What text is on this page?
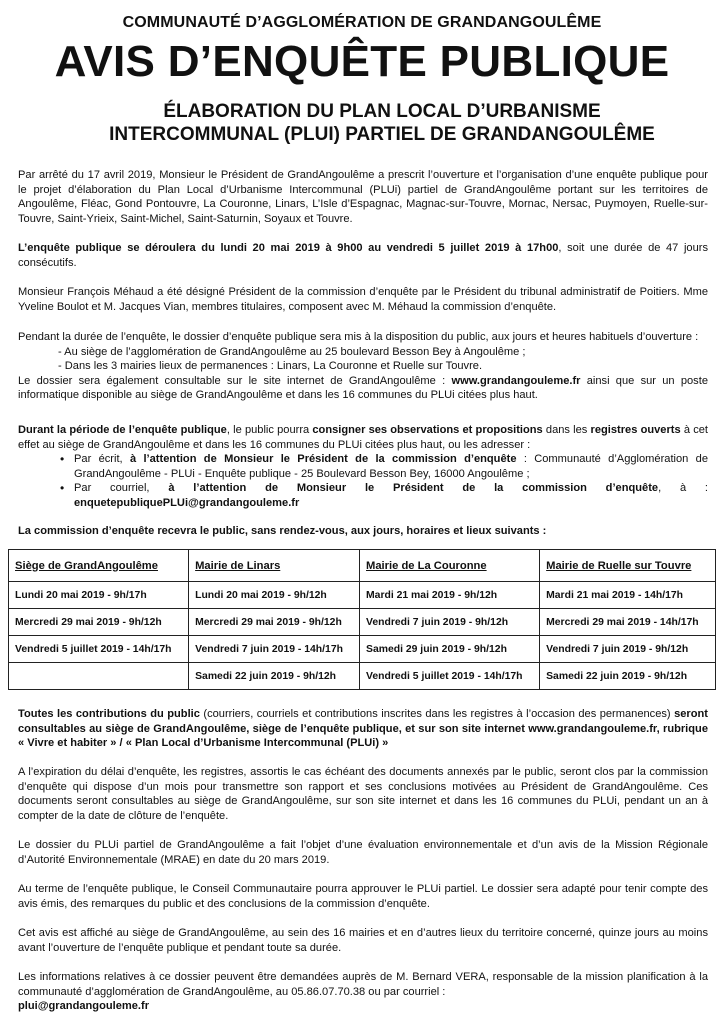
COMMUNAUTÉ D’AGGLOMÉRATION DE GRANDANGOULÊME
AVIS D’ENQUÊTE PUBLIQUE
ÉLABORATION DU PLAN LOCAL D’URBANISME
INTERCOMMUNAL (PLUI) PARTIEL DE GRANDANGOULÊME

Par arrêté du 17 avril 2019, Monsieur le Président de GrandAngoulême a prescrit l’ouverture et l’organisation d’une enquête publique pour le projet d’élaboration du Plan Local d’Urbanisme Intercommunal (PLUi) partiel de GrandAngoulême portant sur les territoires de Angoulême, Fléac, Gond Pontouvre, La Couronne, Linars, L’Isle d’Espagnac, Magnac-sur-Touvre, Mornac, Nersac, Puymoyen, Ruelle-sur-Touvre, Saint-Yrieix, Saint-Michel, Saint-Saturnin, Soyaux et Touvre.

L’enquête publique se déroulera du lundi 20 mai 2019 à 9h00 au vendredi 5 juillet 2019 à 17h00, soit une durée de 47 jours consécutifs.

Monsieur François Méhaud a été désigné Président de la commission d’enquête par le Président du tribunal administratif de Poitiers. Mme Yveline Boulot et M. Jacques Vian, membres titulaires, composent avec M. Méhaud la commission d’enquête.

Pendant la durée de l’enquête, le dossier d’enquête publique sera mis à la disposition du public, aux jours et heures habituels d’ouverture :

- Au siège de l’agglomération de GrandAngoulême au 25 boulevard Besson Bey à Angoulême ;

- Dans les 3 mairies lieux de permanences : Linars, La Couronne et Ruelle sur Touvre.

Le dossier sera également consultable sur le site internet de GrandAngoulême : www.grandangouleme.fr ainsi que sur un poste informatique disponible au siège de GrandAngoulême et dans les 16 communes du PLUi citées plus haut.

Durant la période de l’enquête publique, le public pourra consigner ses observations et propositions dans les registres ouverts à cet effet au siège de GrandAngoulême et dans les 16 communes du PLUi citées plus haut, ou les adresser :

• Par écrit, à l’attention de Monsieur le Président de la commission d’enquête : Communauté d’Agglomération de GrandAngoulême - PLUi - Enquête publique - 25 Boulevard Besson Bey, 16000 Angoulême ;
• Par courriel, à l’attention de Monsieur le Président de la commission d’enquête, à : enquetepubliquePLUi@grandangouleme.fr

La commission d’enquête recevra le public, sans rendez-vous, aux jours, horaires et lieux suivants :

Siège de GrandAngoulême	Mairie de Linars	Mairie de La Couronne	Mairie de Ruelle sur Touvre
Lundi 20 mai 2019 - 9h/17h	Lundi 20 mai 2019 - 9h/12h	Mardi 21 mai 2019 - 9h/12h	Mardi 21 mai 2019 - 14h/17h
Mercredi 29 mai 2019 - 9h/12h	Mercredi 29 mai 2019 - 9h/12h	Vendredi 7 juin 2019 - 9h/12h	Mercredi 29 mai 2019 - 14h/17h
Vendredi 5 juillet 2019 - 14h/17h	Vendredi 7 juin 2019 - 14h/17h	Samedi 29 juin 2019 - 9h/12h	Vendredi 7 juin 2019 - 9h/12h
	Samedi 22 juin 2019 - 9h/12h	Vendredi 5 juillet 2019 - 14h/17h	Samedi 22 juin 2019 - 9h/12h

Toutes les contributions du public (courriers, courriels et contributions inscrites dans les registres à l’occasion des permanences) seront consultables au siège de GrandAngoulême, siège de l’enquête publique, et sur son site internet www.grandangouleme.fr, rubrique « Vivre et habiter » / « Plan Local d’Urbanisme Intercommunal (PLUi) »

A l’expiration du délai d’enquête, les registres, assortis le cas échéant des documents annexés par le public, seront clos par la commission d’enquête qui dispose d’un mois pour transmettre son rapport et ses conclusions motivées au Président de GrandAngoulême. Ces documents seront consultables au siège de GrandAngoulême, sur son site internet et dans les 16 communes du PLUi, pendant un an à compter de la date de clôture de l’enquête.

Le dossier du PLUi partiel de GrandAngoulême a fait l’objet d’une évaluation environnementale et d’un avis de la Mission Régionale d’Autorité Environnementale (MRAE) en date du 20 mars 2019.

Au terme de l’enquête publique, le Conseil Communautaire pourra approuver le PLUi partiel. Le dossier sera adapté pour tenir compte des avis émis, des remarques du public et des conclusions de la commission d’enquête.

Cet avis est affiché au siège de GrandAngoulême, au sein des 16 mairies et en d’autres lieux du territoire concerné, quinze jours au moins avant l’ouverture de l’enquête publique et pendant toute sa durée.

Les informations relatives à ce dossier peuvent être demandées auprès de M. Bernard VERA, responsable de la mission planification à la communauté d’agglomération de GrandAngoulême, au 05.86.07.70.38 ou par courriel :
plui@grandangouleme.fr
